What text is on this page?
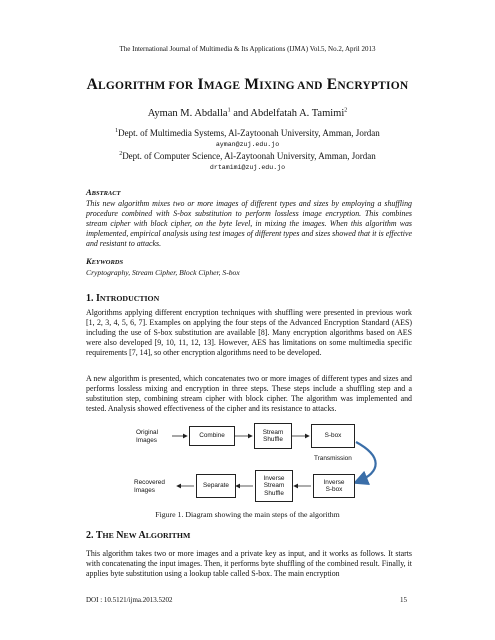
The International Journal of Multimedia & Its Applications (IJMA) Vol.5, No.2, April 2013
ALGORITHM FOR IMAGE MIXING AND ENCRYPTION
Ayman M. Abdalla$^1$ and Abdelfatah A. Tamimi$^2$
$^1$Dept. of Multimedia Systems, Al-Zaytoonah University, Amman, Jordan
ayman@zuj.edu.jo
$^2$Dept. of Computer Science, Al-Zaytoonah University, Amman, Jordan
drtamimi@zuj.edu.jo
ABSTRACT
This new algorithm mixes two or more images of different types and sizes by employing a shuffling procedure combined with S-box substitution to perform lossless image encryption. This combines stream cipher with block cipher, on the byte level, in mixing the images. When this algorithm was implemented, empirical analysis using test images of different types and sizes showed that it is effective and resistant to attacks.
KEYWORDS
Cryptography, Stream Cipher, Block Cipher, S-box
1. INTRODUCTION
Algorithms applying different encryption techniques with shuffling were presented in previous work [1, 2, 3, 4, 5, 6, 7]. Examples on applying the four steps of the Advanced Encryption Standard (AES) including the use of S-box substitution are available [8]. Many encryption algorithms based on AES were also developed [9, 10, 11, 12, 13]. However, AES has limitations on some multimedia specific requirements [7, 14], so other encryption algorithms need to be developed.
A new algorithm is presented, which concatenates two or more images of different types and sizes and performs lossless mixing and encryption in three steps. These steps include a shuffling step and a substitution step, combining stream cipher with block cipher. The algorithm was implemented and tested. Analysis showed effectiveness of the cipher and its resistance to attacks.
Original
Images
Combine
Stream
Shuffle
S-box
Transmission
Inverse
S-box
Inverse
Stream
Shuffle
Separate
Recovered
Images
Figure 1. Diagram showing the main steps of the algorithm
2. THE NEW ALGORITHM
This algorithm takes two or more images and a private key as input, and it works as follows. It starts with concatenating the input images. Then, it performs byte shuffling of the combined result. Finally, it applies byte substitution using a lookup table called S-box. The main encryption
DOI : 10.5121/ijma.2013.5202	15
